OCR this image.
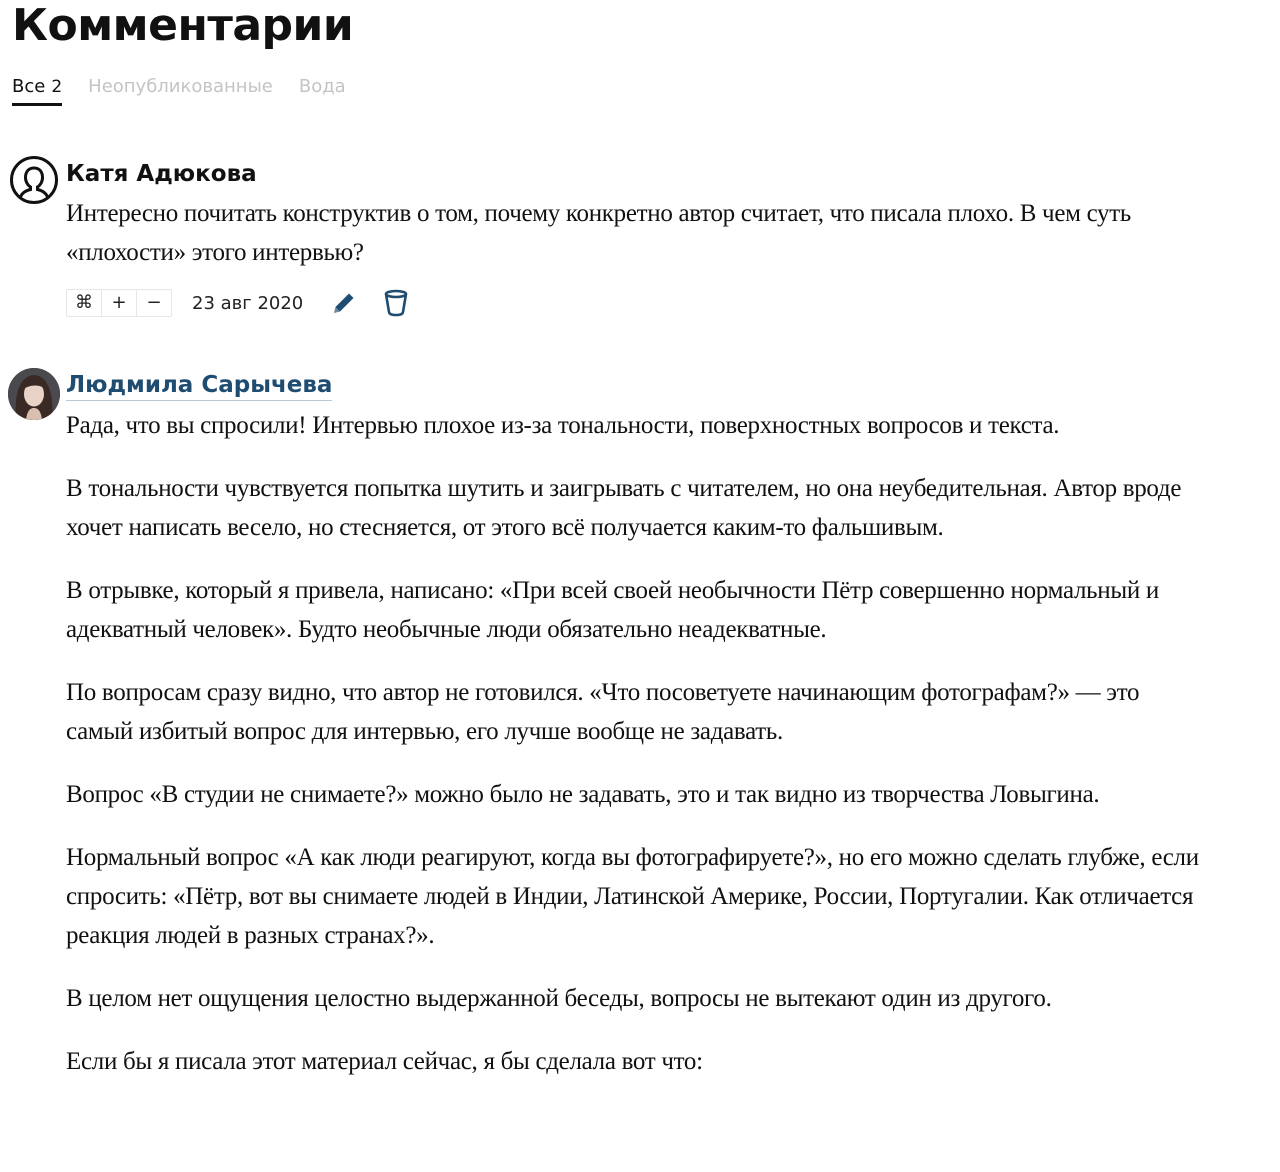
Комментарии
Все 2 Неопубликованные Вода
Катя Адюкова

Интересно почитать конструктив о том, почему конкретно автор считает, что писала плохо. В чем суть «плохости» этого интервью?

⌘	+	−	23 авг 2020
Людмила Сарычева

Рада, что вы спросили! Интервью плохое из-за тональности, поверхностных вопросов и текста.

В тональности чувствуется попытка шутить и заигрывать с читателем, но она неубедительная. Автор вроде хочет написать весело, но стесняется, от этого всё получается каким-то фальшивым.

В отрывке, который я привела, написано: «При всей своей необычности Пётр совершенно нормальный и адекватный человек». Будто необычные люди обязательно неадекватные.

По вопросам сразу видно, что автор не готовился. «Что посоветуете начинающим фотографам?» — это самый избитый вопрос для интервью, его лучше вообще не задавать.

Вопрос «В студии не снимаете?» можно было не задавать, это и так видно из творчества Ловыгина.

Нормальный вопрос «А как люди реагируют, когда вы фотографируете?», но его можно сделать глубже, если спросить: «Пётр, вот вы снимаете людей в Индии, Латинской Америке, России, Португалии. Как отличается реакция людей в разных странах?».

В целом нет ощущения целостно выдержанной беседы, вопросы не вытекают один из другого.

Если бы я писала этот материал сейчас, я бы сделала вот что:
